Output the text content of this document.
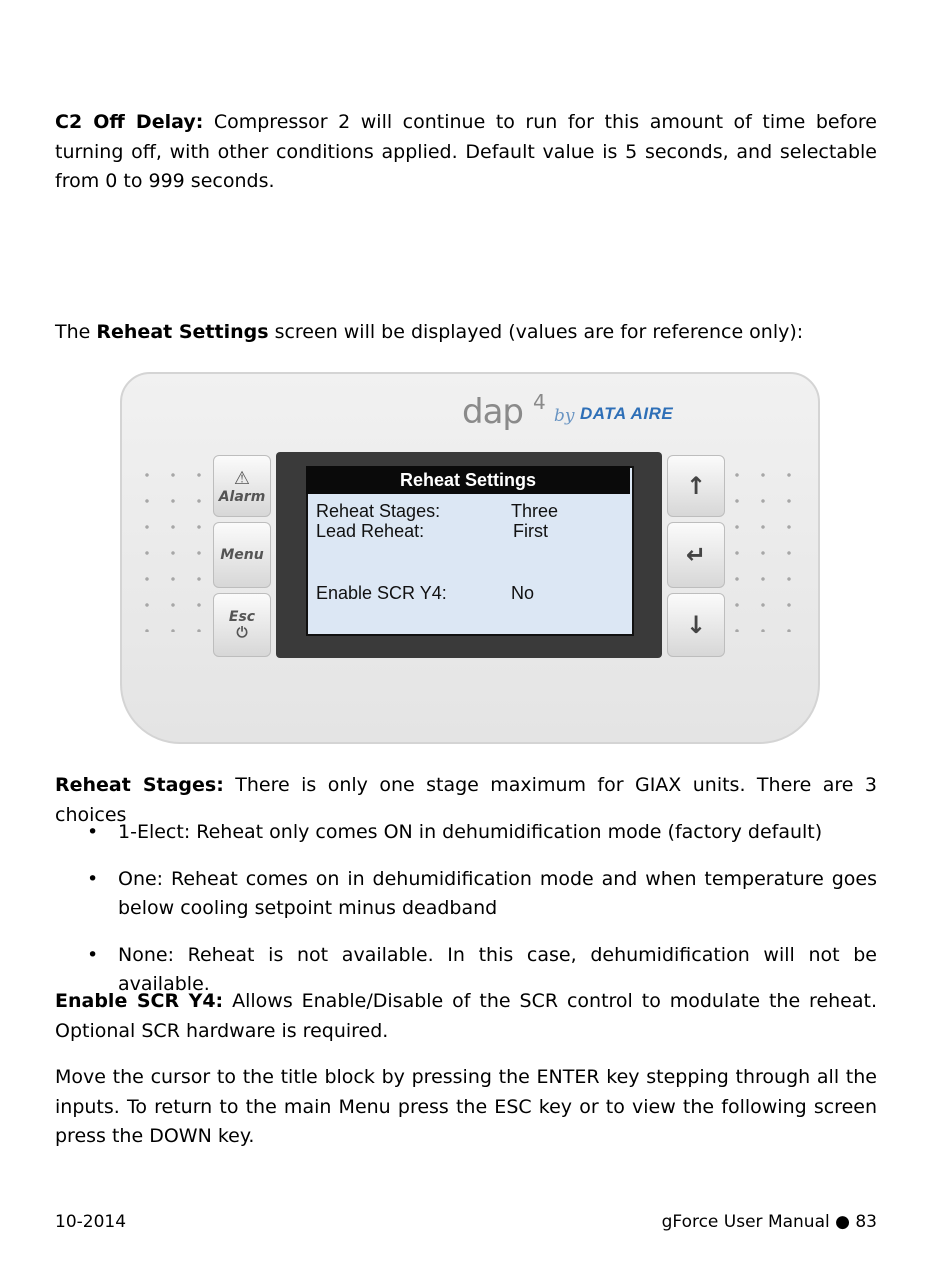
C2 Off Delay: Compressor 2 will continue to run for this amount of time before turning off, with other conditions applied. Default value is 5 seconds, and selectable from 0 to 999 seconds.
The Reheat Settings screen will be displayed (values are for reference only):
dap 4
by DATA AIRE
⚠
Alarm
Menu
Esc
⏻
↑
↵
↓
Reheat Settings
Reheat Stages:	Three
Lead Reheat:	First
Enable SCR Y4:	No
Reheat Stages: There is only one stage maximum for GIAX units. There are 3 choices
• 1-Elect: Reheat only comes ON in dehumidification mode (factory default)
• One: Reheat comes on in dehumidification mode and when temperature goes below cooling setpoint minus deadband
• None: Reheat is not available. In this case, dehumidification will not be available.
Enable SCR Y4: Allows Enable/Disable of the SCR control to modulate the reheat. Optional SCR hardware is required.
Move the cursor to the title block by pressing the ENTER key stepping through all the inputs. To return to the main Menu press the ESC key or to view the following screen press the DOWN key.
10-2014	gForce User Manual ● 83
